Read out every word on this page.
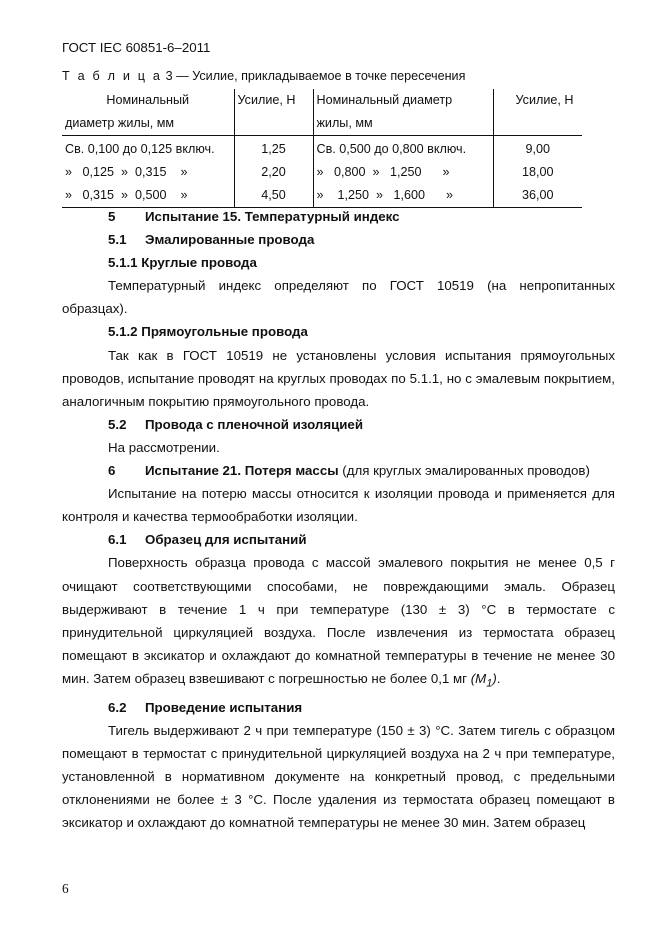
ГОСТ IEC 60851-6–2011
Т а б л и ц а 3 — Усилие, прикладываемое в точке пересечения
Номинальный	Усилие, Н	Номинальный диаметр	Усилие, Н
диаметр жилы, мм		жилы, мм	
Св. 0,100 до 0,125 включ.	1,25	Св. 0,500 до 0,800 включ.	9,00
»   0,125  »  0,315    »	2,20	»   0,800  »   1,250      »	18,00
»   0,315  »  0,500    »	4,50	»    1,250  »   1,600      »	36,00

5 Испытание 15. Температурный индекс

5.1 Эмалированные провода

5.1.1 Круглые провода

Температурный индекс определяют по ГОСТ 10519 (на непропитанных образцах).

5.1.2 Прямоугольные провода

Так как в ГОСТ 10519 не установлены условия испытания прямоугольных проводов, испытание проводят на круглых проводах по 5.1.1, но с эмалевым покрытием, аналогичным покрытию прямоугольного провода.

5.2 Провода с пленочной изоляцией

На рассмотрении.

6 Испытание 21. Потеря массы (для круглых эмалированных проводов)

Испытание на потерю массы относится к изоляции провода и применяется для контроля и качества термообработки изоляции.

6.1 Образец для испытаний

Поверхность образца провода с массой эмалевого покрытия не менее 0,5 г очищают соответствующими способами, не повреждающими эмаль. Образец выдерживают в течение 1 ч при температуре (130 ± 3) °С в термостате с принудительной циркуляцией воздуха. После извлечения из термостата образец помещают в эксикатор и охлаждают до комнатной температуры в течение не менее 30 мин. Затем образец взвешивают с погрешностью не более 0,1 мг $(M_1)$.

6.2 Проведение испытания

Тигель выдерживают 2 ч при температуре (150 ± 3) °С. Затем тигель с образцом помещают в термостат с принудительной циркуляцией воздуха на 2 ч при температуре, установленной в нормативном документе на конкретный провод, с предельными отклонениями не более ± 3 °С. После удаления из термостата образец помещают в эксикатор и охлаждают до комнатной температуры не менее 30 мин. Затем образец

6
